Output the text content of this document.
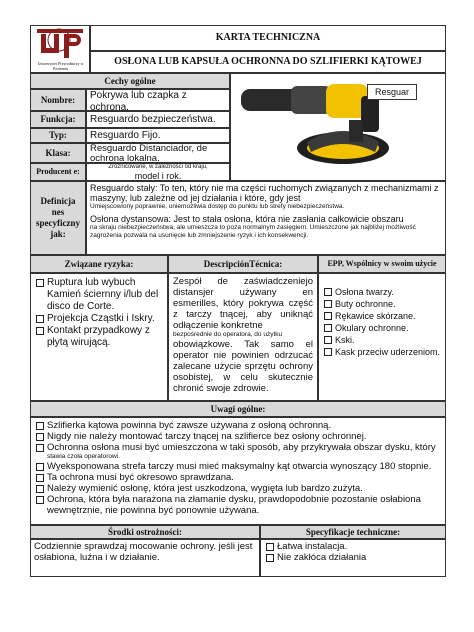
Uniwersytet Przyrodniczy w Poznaniu
KARTA TECHNICZNA
OSŁONA LUB KAPSUŁA OCHRONNA DO SZLIFIERKI KĄTOWEJ
Cechy ogólne
Resguar
Nombre:	Pokrywa lub czapka z ochrona.
Funkcja:	Resguardo bezpieczeństwa.
Typ:	Resguardo Fijo.
Klasa:	Resguardo Distanciador, de ochrona lokalna.
Producent e:	Zróżnicowane, w zależności od kraju,
model i rok.
Definicja nes specyficzny jak:
Resguardo stały: To ten, który nie ma części ruchomych związanych z mechanizmami z maszyny, lub zależne od jej działania i które, gdy jest
Umiejscowiony poprawnie, uniemożliwia dostęp do punktu lub strefy niebezpieczeństwa.
Osłona dystansowa: Jest to stała osłona, która nie zasłania całkowicie obszaru
na skraju niebezpieczeństwa, ale umieszcza to poza normalnym zasięgiem. Umieszczone jak najbliżej możliwość zagrożenia pozwala na usunięcie lub zmniejszenie ryzyk i ich konsekwencji.
Związane ryzyka:	DescripciónTécnica:	EPP, Wspólnicy w swoim użycie
Ruptura lub wybuch Kamień ściernny i/lub del disco de Corte.
Projekcja Cząstki i Iskry.
Kontakt przypadkowy z płytą wirującą.
Zespół de zaświadczeniejo distansjer używany en esmerilles, który pokrywa część z tarczy tnącej, aby uniknąć odłączenie konkretne
bezpośrednie do operatora, do użytku
obowiązkowe. Tak samo el operator nie powinien odrzucać zalecane użycie sprzętu ochrony osobistej, w celu skutecznie chronić swoje zdrowie.
Osłona twarzy.
Buty ochronne.
Rękawice skórzane.
Okulary ochronne.
Kski.
Kask przeciw uderzeniom.
Uwagi ogólne:
Szlifierka kątowa powinna być zawsze używana z osłoną ochronną.
Nigdy nie należy montować tarczy tnącej na szlifierce bez osłony ochronnej.
Ochronna osłona musi być umieszczona w taki sposób, aby przykrywała obszar dysku, który
stawia czoła operatorowi.
Wyeksponowana strefa tarczy musi mieć maksymalny kąt otwarcia wynoszący 180 stopnie.
Ta ochrona musi być okresowo sprawdzana.
Należy wymienić osłonę, która jest uszkodzona, wygięta lub bardzo zużyta.
Ochrona, która była narażona na złamanie dysku, prawdopodobnie pozostanie osłabiona wewnętrznie, nie powinna być ponownie używana.
Środki ostrożności:	Specyfikacje techniczne:
Codziennie sprawdzaj mocowanie ochrony. jeśli jest osłabiona, luźna i w działanie.
Łatwa instalacja.
Nie zakłóca działania
